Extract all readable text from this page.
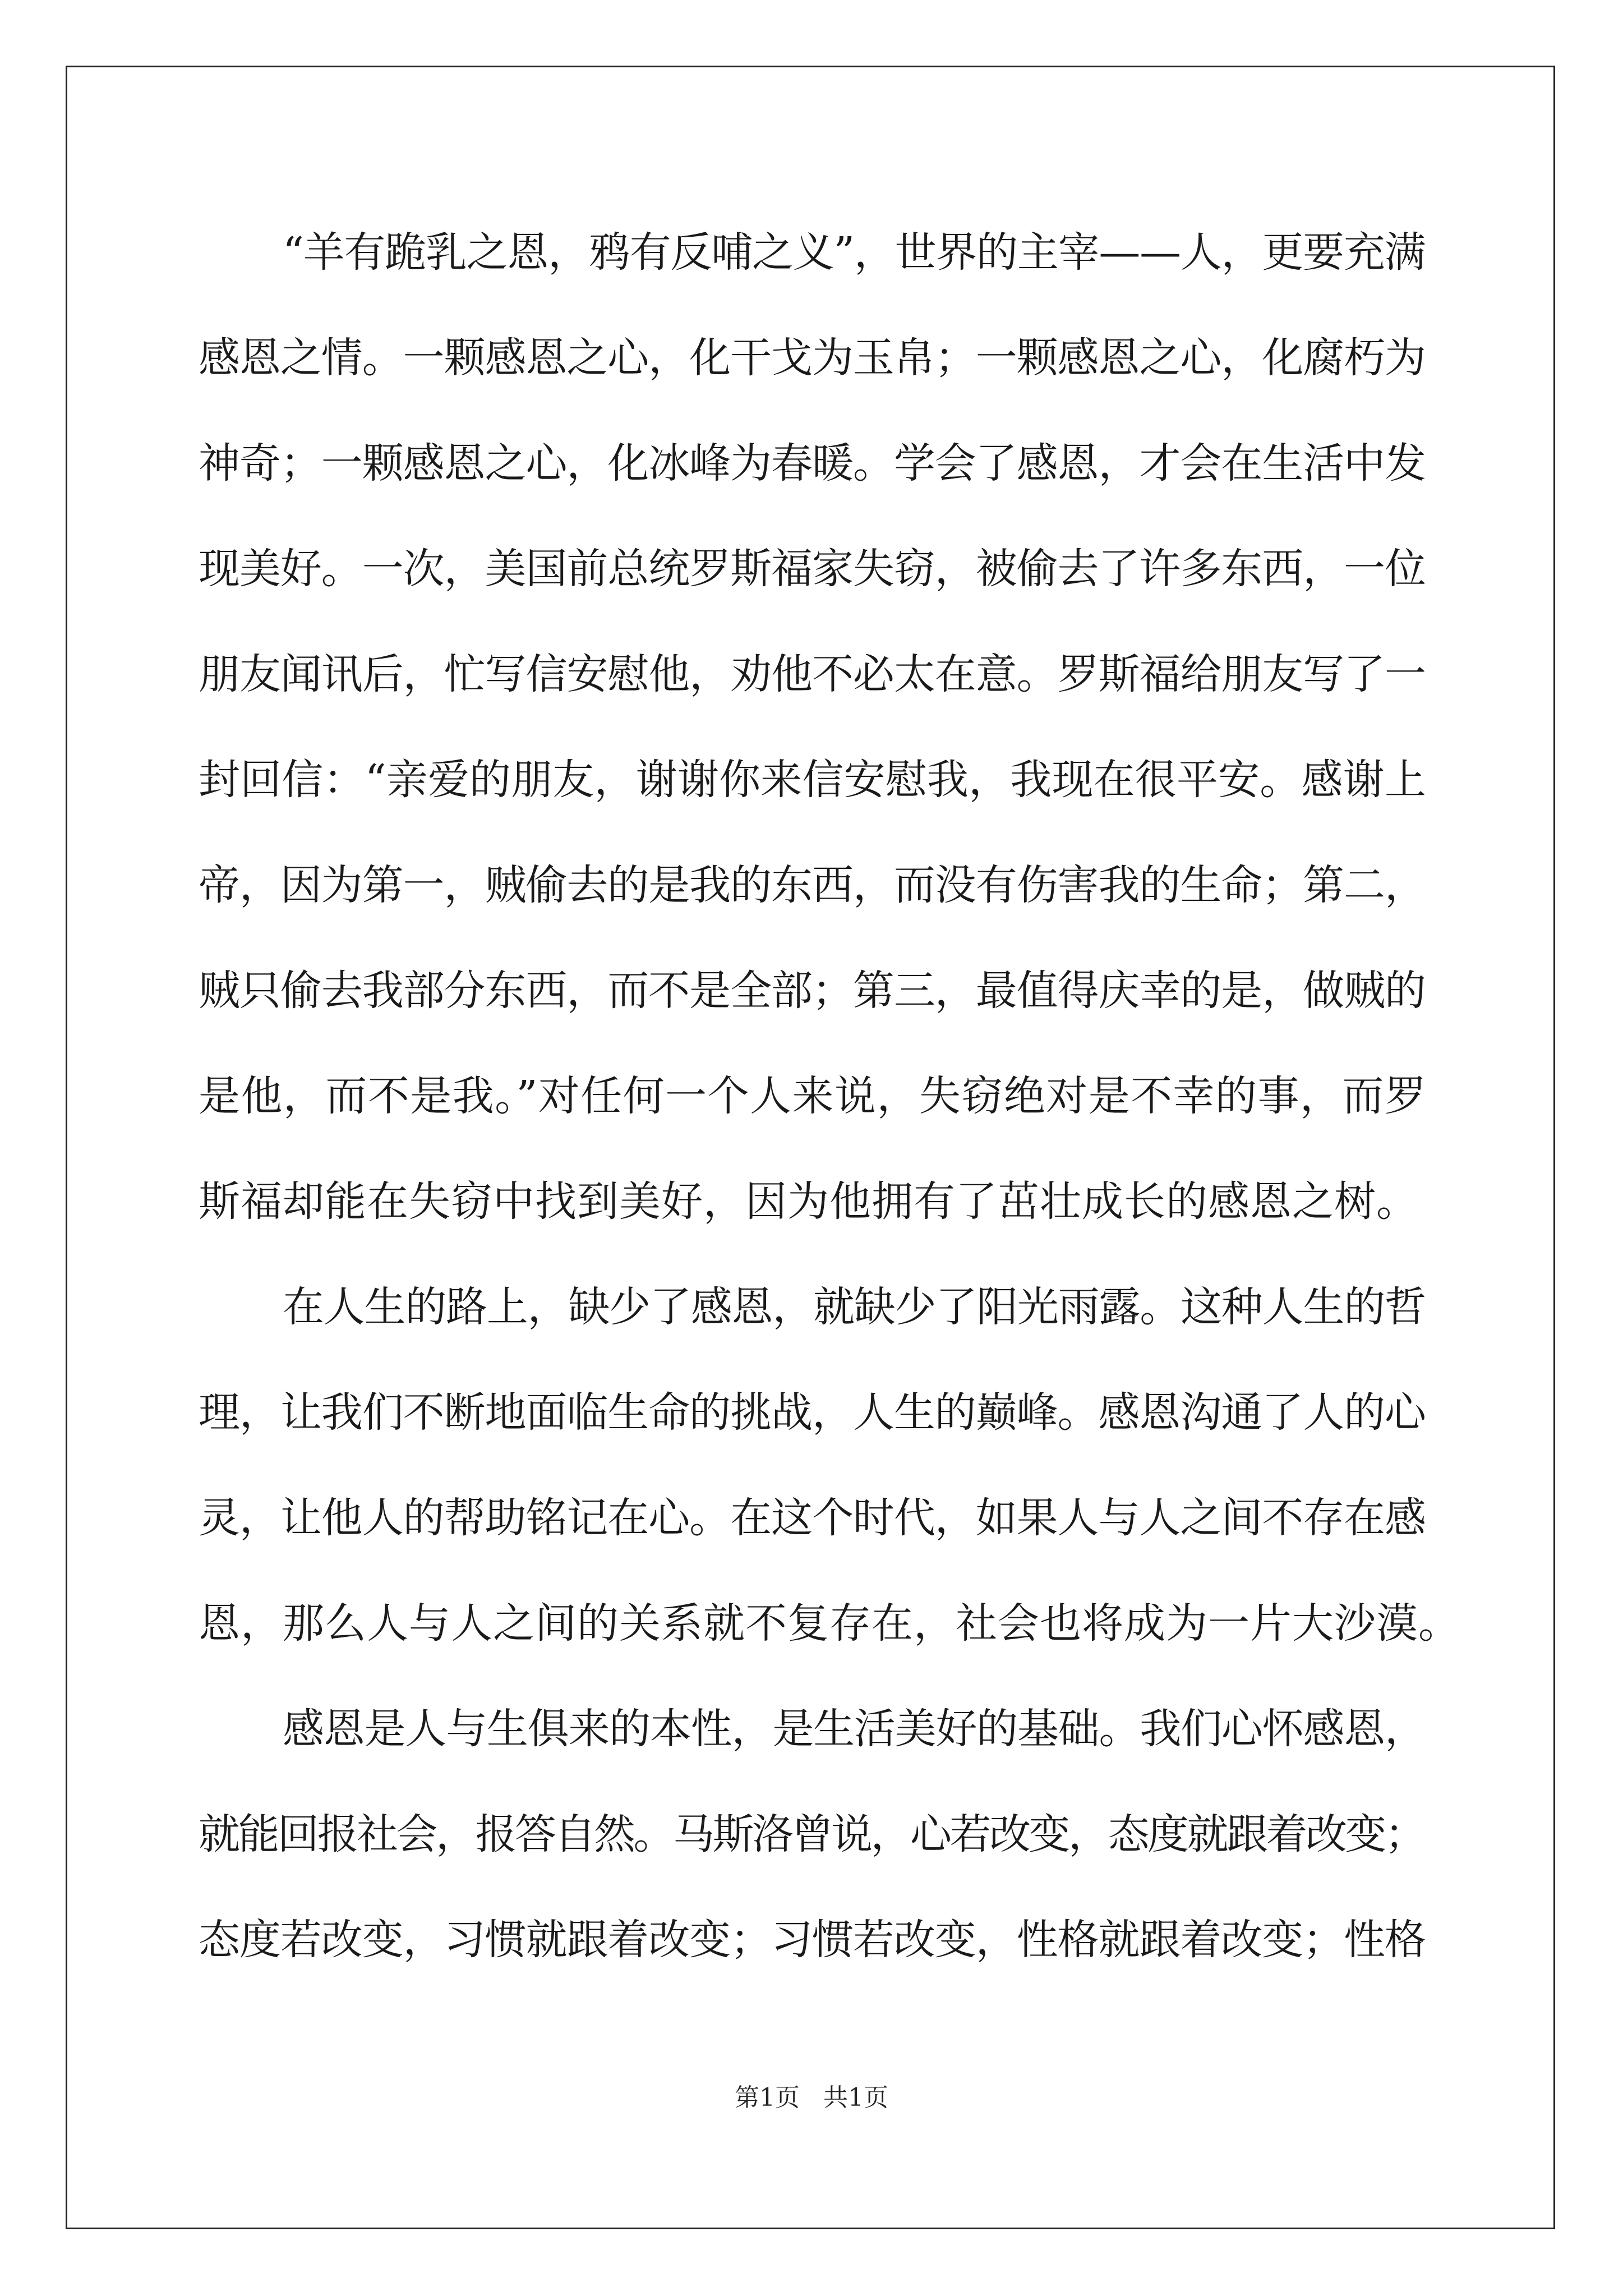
“羊有跪乳之恩，鸦有反哺之义”，世界的主宰——人，更要充满
感恩之情。一颗感恩之心，化干戈为玉帛；一颗感恩之心，化腐朽为
神奇；一颗感恩之心，化冰峰为春暖。学会了感恩，才会在生活中发
现美好。一次，美国前总统罗斯福家失窃，被偷去了许多东西，一位
朋友闻讯后，忙写信安慰他，劝他不必太在意。罗斯福给朋友写了一
封回信：“亲爱的朋友，谢谢你来信安慰我，我现在很平安。感谢上
帝，因为第一，贼偷去的是我的东西，而没有伤害我的生命；第二，
贼只偷去我部分东西，而不是全部；第三，最值得庆幸的是，做贼的
是他，而不是我。”对任何一个人来说，失窃绝对是不幸的事，而罗
斯福却能在失窃中找到美好，因为他拥有了茁壮成长的感恩之树。
在人生的路上，缺少了感恩，就缺少了阳光雨露。这种人生的哲
理，让我们不断地面临生命的挑战，人生的巅峰。感恩沟通了人的心
灵，让他人的帮助铭记在心。在这个时代，如果人与人之间不存在感
恩，那么人与人之间的关系就不复存在，社会也将成为一片大沙漠。
感恩是人与生俱来的本性，是生活美好的基础。我们心怀感恩，
就能回报社会，报答自然。马斯洛曾说，心若改变，态度就跟着改变；
态度若改变，习惯就跟着改变；习惯若改变，性格就跟着改变；性格
第1页   共1页
